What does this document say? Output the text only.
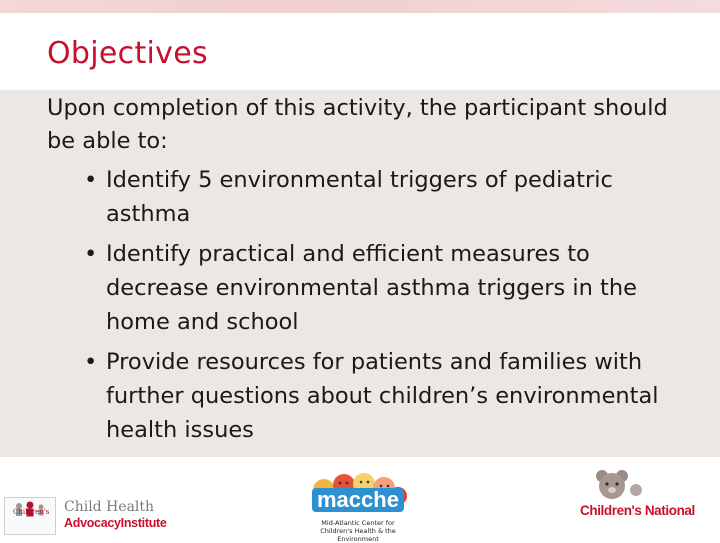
Objectives
Upon completion of this activity, the participant should be able to:
• Identify 5 environmental triggers of pediatric asthma
• Identify practical and efficient measures to decrease environmental asthma triggers in the home and school
• Provide resources for patients and families with further questions about children’s environmental health issues
Children's Child Health
AdvocacyInstitute
macche
Mid-Atlantic Center for
Children's Health & the Environment
Children's National
